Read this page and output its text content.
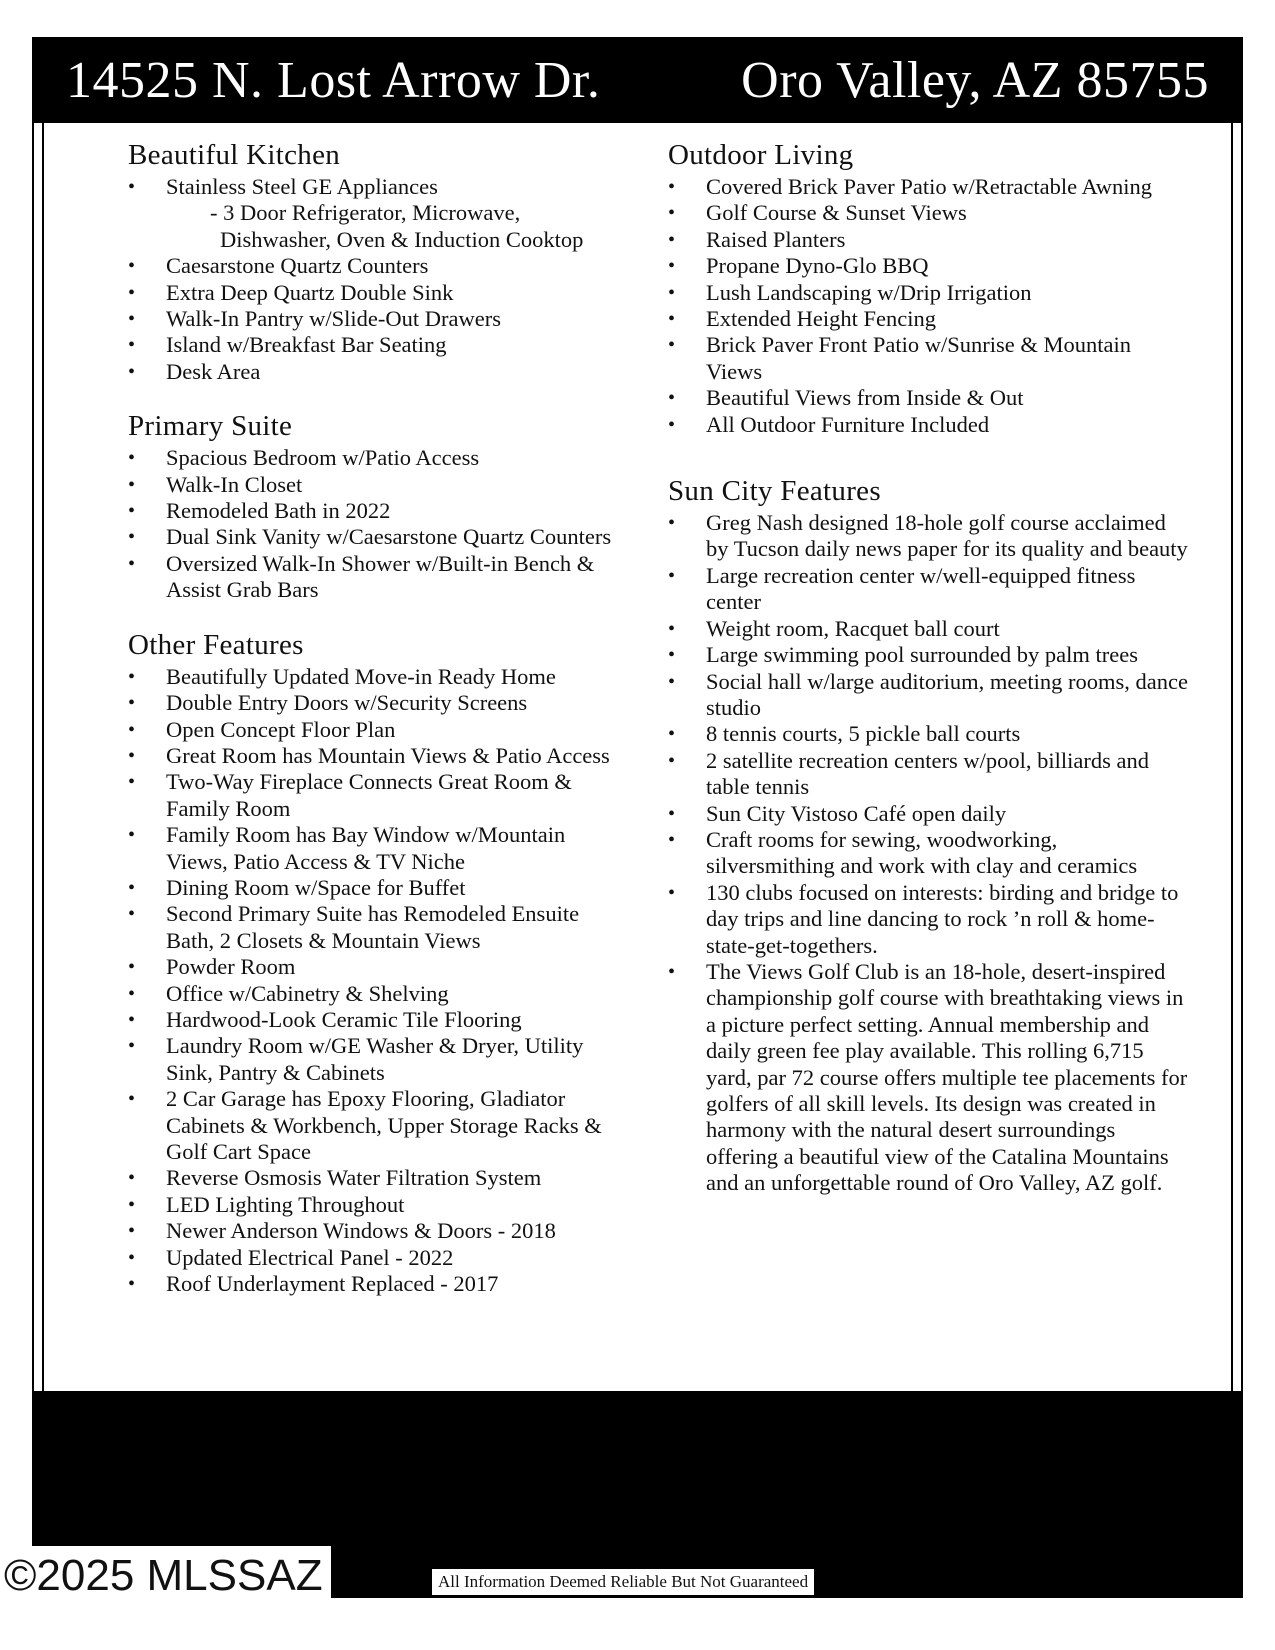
14525 N. Lost Arrow Dr.	Oro Valley, AZ 85755
Beautiful Kitchen
• Stainless Steel GE Appliances
- 3 Door Refrigerator, Microwave, Dishwasher, Oven & Induction Cooktop
• Caesarstone Quartz Counters
• Extra Deep Quartz Double Sink
• Walk-In Pantry w/Slide-Out Drawers
• Island w/Breakfast Bar Seating
• Desk Area
Primary Suite
• Spacious Bedroom w/Patio Access
• Walk-In Closet
• Remodeled Bath in 2022
• Dual Sink Vanity w/Caesarstone Quartz Counters
• Oversized Walk-In Shower w/Built-in Bench & Assist Grab Bars
Other Features
• Beautifully Updated Move-in Ready Home
• Double Entry Doors w/Security Screens
• Open Concept Floor Plan
• Great Room has Mountain Views & Patio Access
• Two-Way Fireplace Connects Great Room & Family Room
• Family Room has Bay Window w/Mountain Views, Patio Access & TV Niche
• Dining Room w/Space for Buffet
• Second Primary Suite has Remodeled Ensuite Bath, 2 Closets & Mountain Views
• Powder Room
• Office w/Cabinetry & Shelving
• Hardwood-Look Ceramic Tile Flooring
• Laundry Room w/GE Washer & Dryer, Utility Sink, Pantry & Cabinets
• 2 Car Garage has Epoxy Flooring, Gladiator Cabinets & Workbench, Upper Storage Racks & Golf Cart Space
• Reverse Osmosis Water Filtration System
• LED Lighting Throughout
• Newer Anderson Windows & Doors - 2018
• Updated Electrical Panel - 2022
• Roof Underlayment Replaced - 2017
Outdoor Living
• Covered Brick Paver Patio w/Retractable Awning
• Golf Course & Sunset Views
• Raised Planters
• Propane Dyno-Glo BBQ
• Lush Landscaping w/Drip Irrigation
• Extended Height Fencing
• Brick Paver Front Patio w/Sunrise & Mountain Views
• Beautiful Views from Inside & Out
• All Outdoor Furniture Included
Sun City Features
• Greg Nash designed 18-hole golf course acclaimed by Tucson daily news paper for its quality and beauty
• Large recreation center w/well-equipped fitness center
• Weight room, Racquet ball court
• Large swimming pool surrounded by palm trees
• Social hall w/large auditorium, meeting rooms, dance studio
• 8 tennis courts, 5 pickle ball courts
• 2 satellite recreation centers w/pool, billiards and table tennis
• Sun City Vistoso Café open daily
• Craft rooms for sewing, woodworking, silversmithing and work with clay and ceramics
• 130 clubs focused on interests: birding and bridge to day trips and line dancing to rock ’n roll & home-state-get-togethers.
• The Views Golf Club is an 18-hole, desert-inspired championship golf course with breathtaking views in a picture perfect setting. Annual membership and daily green fee play available. This rolling 6,715 yard, par 72 course offers multiple tee placements for golfers of all skill levels. Its design was created in harmony with the natural desert surroundings offering a beautiful view of the Catalina Mountains and an unforgettable round of Oro Valley, AZ golf.
©2025 MLSSAZ	All Information Deemed Reliable But Not Guaranteed
